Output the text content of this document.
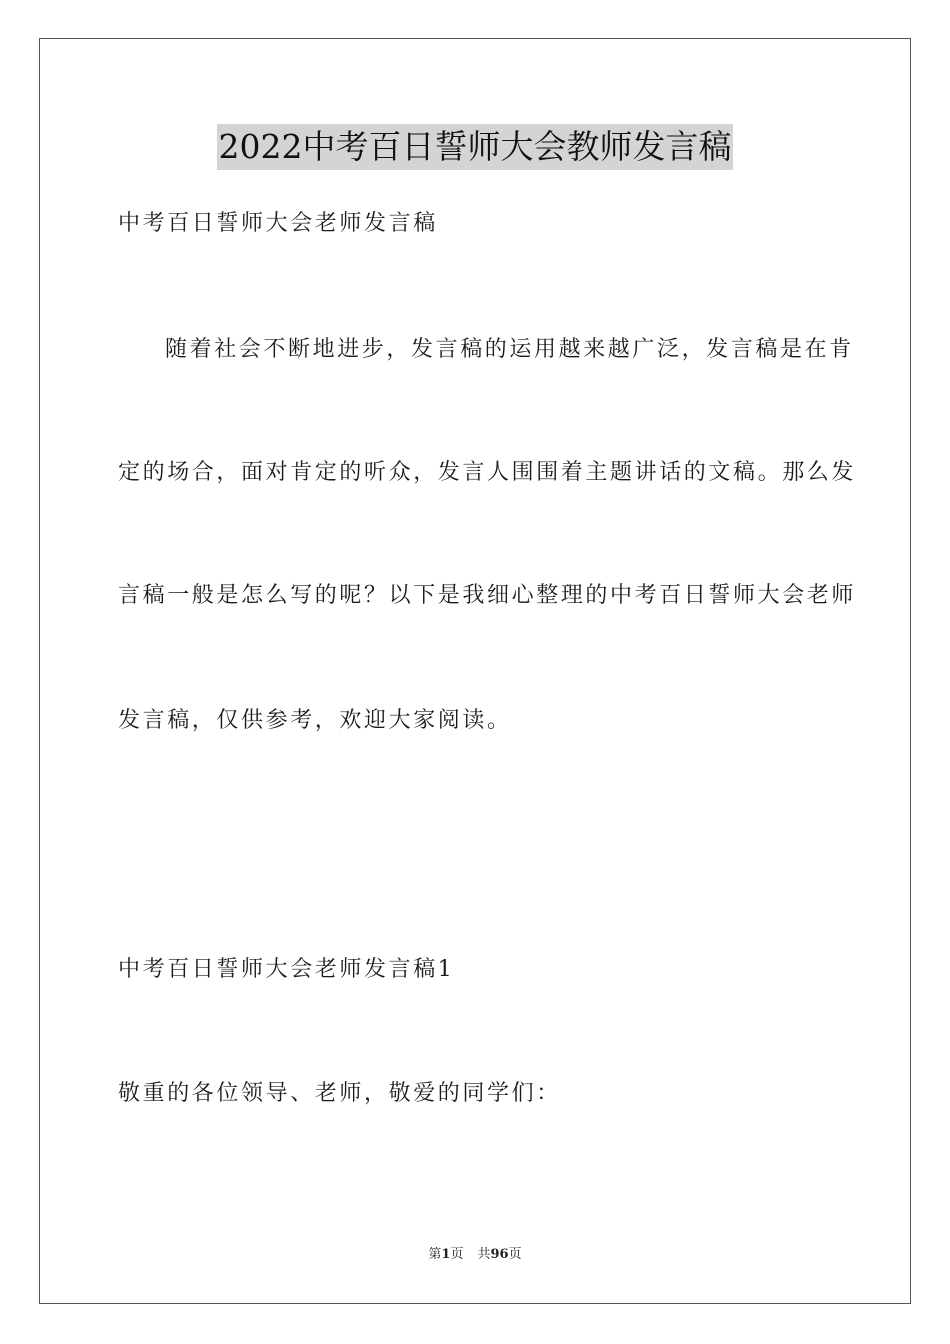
2022中考百日誓师大会教师发言稿
中考百日誓师大会老师发言稿
随着社会不断地进步，发言稿的运用越来越广泛，发言稿是在肯
定的场合，面对肯定的听众，发言人围围着主题讲话的文稿。那么发
言稿一般是怎么写的呢？以下是我细心整理的中考百日誓师大会老师
发言稿，仅供参考，欢迎大家阅读。
中考百日誓师大会老师发言稿1
敬重的各位领导、老师，敬爱的同学们：
第1页 共96页
